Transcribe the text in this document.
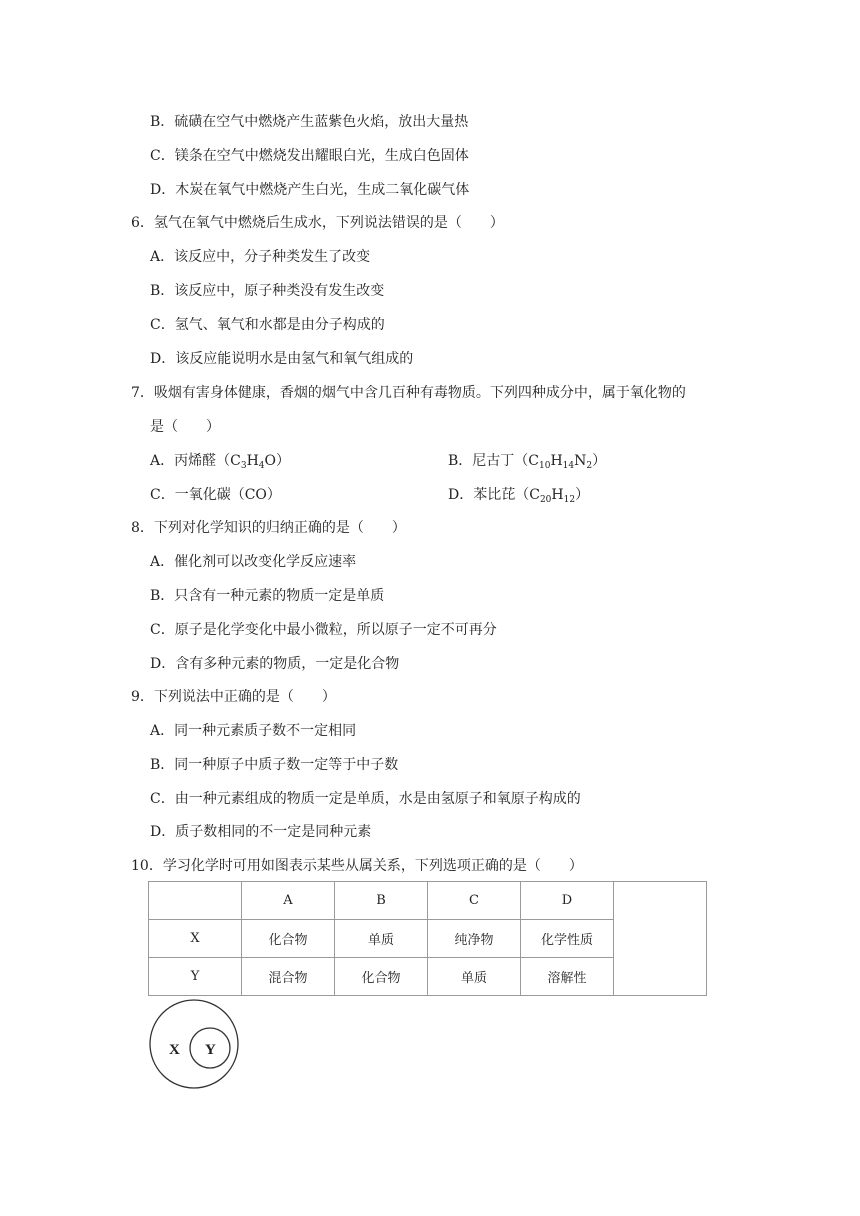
B．硫磺在空气中燃烧产生蓝紫色火焰，放出大量热
C．镁条在空气中燃烧发出耀眼白光，生成白色固体
D．木炭在氧气中燃烧产生白光，生成二氧化碳气体
6．氢气在氧气中燃烧后生成水，下列说法错误的是（　　）
A．该反应中，分子种类发生了改变
B．该反应中，原子种类没有发生改变
C．氢气、氧气和水都是由分子构成的
D．该反应能说明水是由氢气和氧气组成的
7．吸烟有害身体健康，香烟的烟气中含几百种有毒物质。下列四种成分中，属于氧化物的
是（　　）
A．丙烯醛$(C_3H_4O)$	B．尼古丁$(C_{10}H_{14}N_2)$
C．一氧化碳（CO）	D．苯比芘$(C_{20}H_{12})$
8．下列对化学知识的归纳正确的是（　　）
A．催化剂可以改变化学反应速率
B．只含有一种元素的物质一定是单质
C．原子是化学变化中最小微粒，所以原子一定不可再分
D．含有多种元素的物质，一定是化合物
9．下列说法中正确的是（　　）
A．同一种元素质子数不一定相同
B．同一种原子中质子数一定等于中子数
C．由一种元素组成的物质一定是单质，水是由氢原子和氧原子构成的
D．质子数相同的不一定是同种元素
10．学习化学时可用如图表示某些从属关系，下列选项正确的是（　　）
	A	B	C	D	
X	化合物	单质	纯净物	化学性质	
Y	混合物	化合物	单质	溶解性	
X Y
